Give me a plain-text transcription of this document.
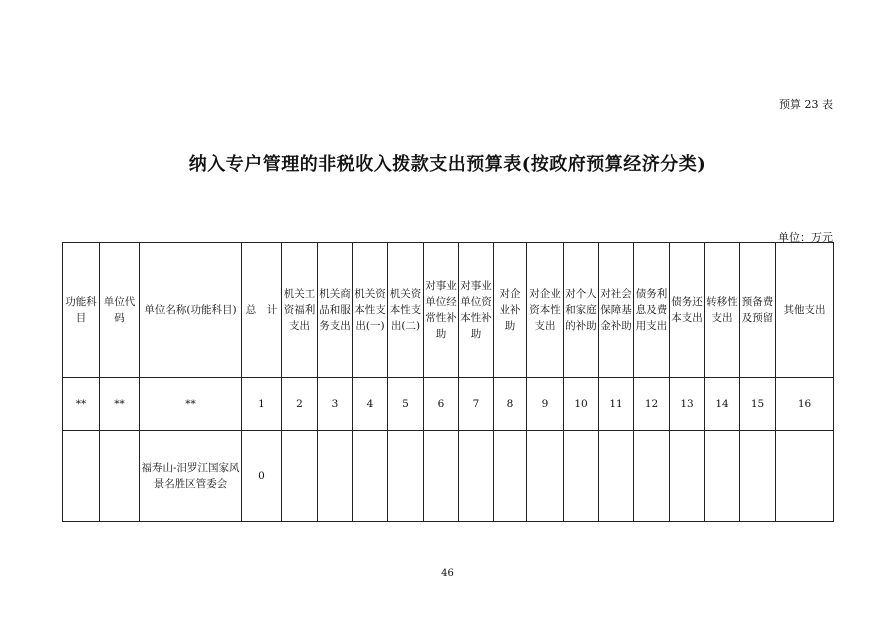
预算 23 表
纳入专户管理的非税收入拨款支出预算表(按政府预算经济分类)
单位：万元
功能科目	单位代码	单位名称(功能科目)	总　计	机关工资福利支出	机关商品和服务支出	机关资本性支出(一)	机关资本性支出(二)	对事业单位经常性补助	对事业单位资本性补助	对企业补助	对企业资本性支出	对个人和家庭的补助	对社会保障基金补助	债务利息及费用支出	债务还本支出	转移性支出	预备费及预留	其他支出
**	**	**	1	2	3	4	5	6	7	8	9	10	11	12	13	14	15	16
		福寿山-汨罗江国家风景名胜区管委会	0															
46
